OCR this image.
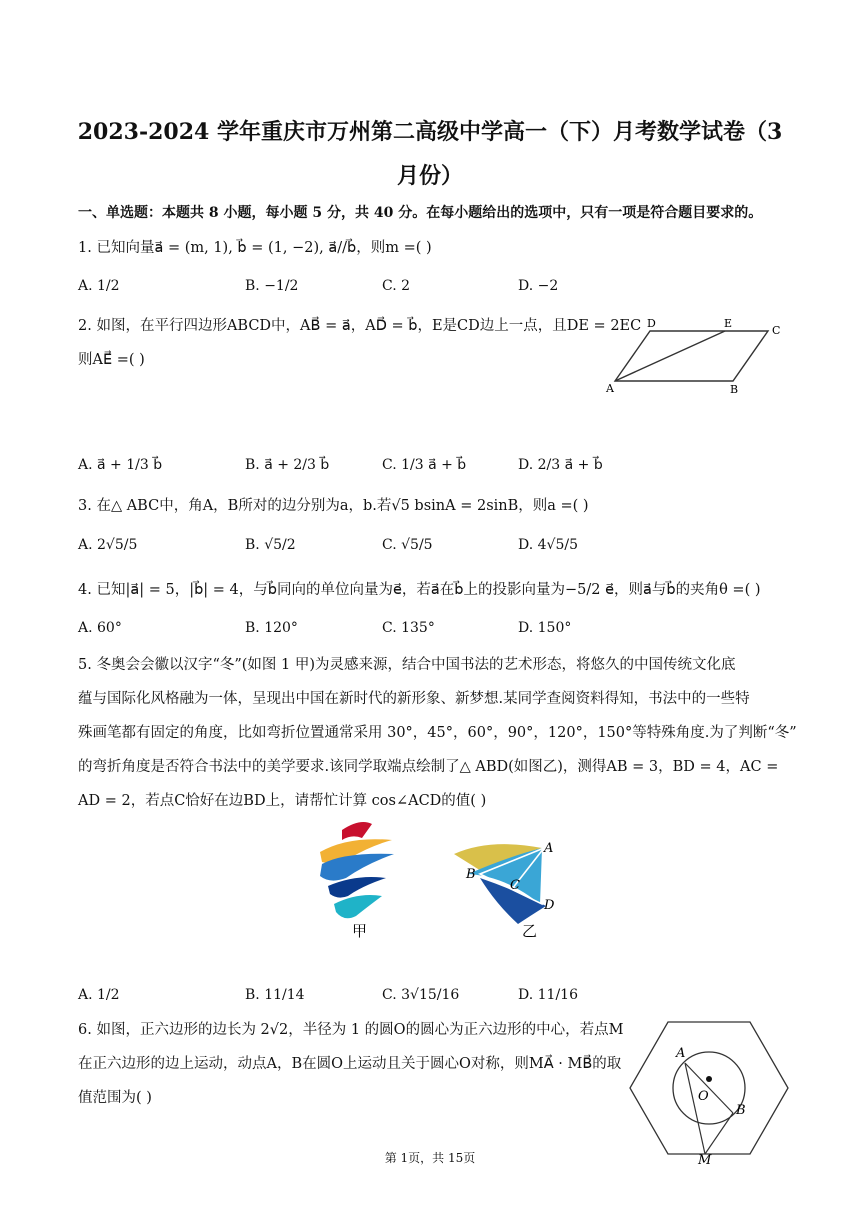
2023-2024 学年重庆市万州第二高级中学高一（下）月考数学试卷（3
月份）
一、单选题：本题共 8 小题，每小题 5 分，共 40 分。在每小题给出的选项中，只有一项是符合题目要求的。
1. 已知向量a⃗ = (m, 1), b⃗ = (1, −2), a⃗//b⃗，则m =( )
A. 1/2	B. −1/2	C. 2	D. −2
2. 如图，在平行四边形ABCD中，AB⃗ = a⃗，AD⃗ = b⃗，E是CD边上一点，且DE = 2EC
则AE⃗ =( )
D	E
C
A	B
A. a⃗ + 1/3 b⃗	B. a⃗ + 2/3 b⃗	C. 1/3 a⃗ + b⃗	D. 2/3 a⃗ + b⃗
3. 在△ ABC中，角A，B所对的边分别为a，b.若√5 bsinA = 2sinB，则a =( )
A. 2√5/5	B. √5/2	C. √5/5	D. 4√5/5
4. 已知|a⃗| = 5，|b⃗| = 4，与b⃗同向的单位向量为e⃗，若a⃗在b⃗上的投影向量为−5/2 e⃗，则a⃗与b⃗的夹角θ =( )
A. 60°	B. 120°	C. 135°	D. 150°
5. 冬奥会会徽以汉字“冬”(如图 1 甲)为灵感来源，结合中国书法的艺术形态，将悠久的中国传统文化底
蕴与国际化风格融为一体，呈现出中国在新时代的新形象、新梦想.某同学查阅资料得知，书法中的一些特
殊画笔都有固定的角度，比如弯折位置通常采用 30°，45°，60°，90°，120°，150°等特殊角度.为了判断“冬”
的弯折角度是否符合书法中的美学要求.该同学取端点绘制了△ ABD(如图乙)，测得AB = 3，BD = 4，AC =
AD = 2，若点C恰好在边BD上，请帮忙计算 cos∠ACD的值( )
甲
A
B
C
D
乙
A. 1/2	B. 11/14	C. 3√15/16	D. 11/16
6. 如图，正六边形的边长为 2√2，半径为 1 的圆O的圆心为正六边形的中心，若点M
在正六边形的边上运动，动点A，B在圆O上运动且关于圆心O对称，则MA⃗ · MB⃗的取
值范围为( )
A
O
B
M
第 1页，共 15页
